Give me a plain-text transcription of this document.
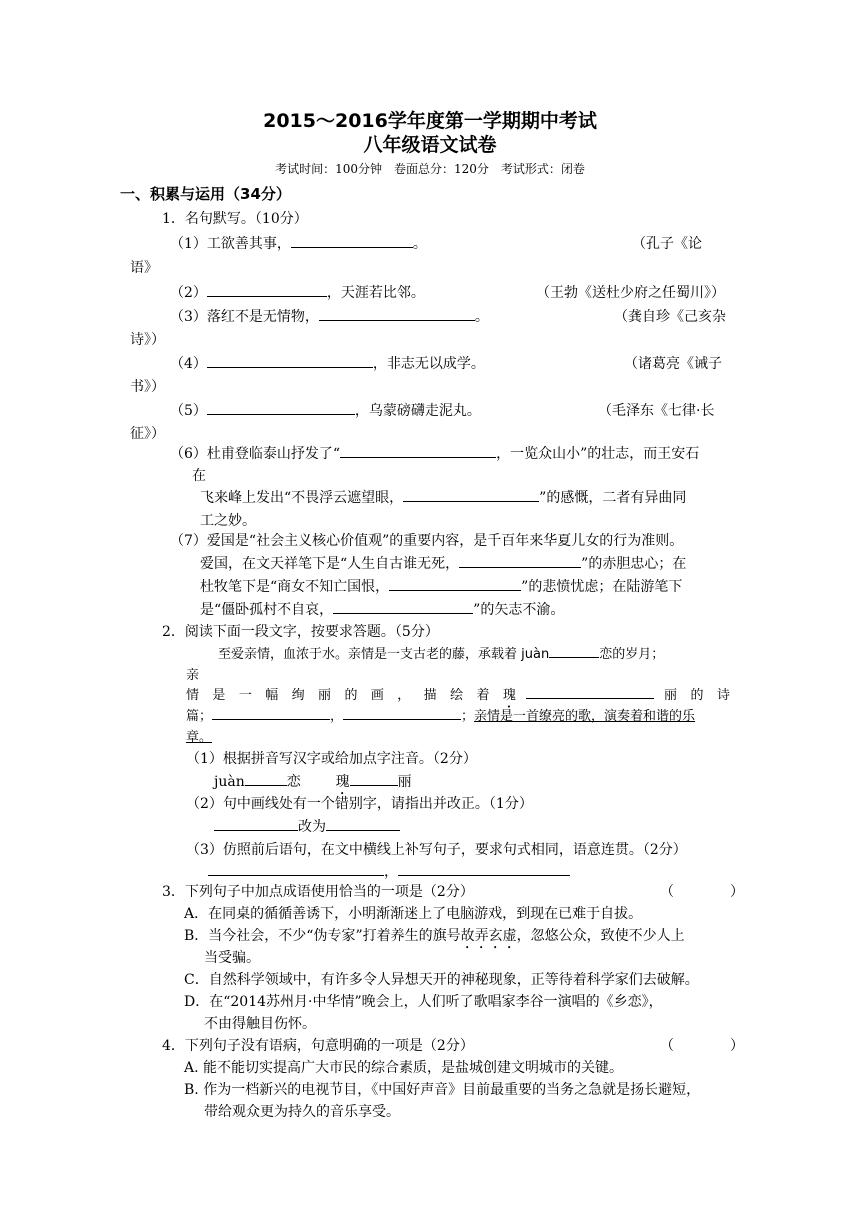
2015～2016学年度第一学期期中考试
八年级语文试卷
考试时间：100分钟　卷面总分：120分　考试形式：闭卷
一、积累与运用（34分）
1．名句默写。（10分）
（1）工欲善其事，	。	（孔子《论
语》
（2）	，天涯若比邻。	（王勃《送杜少府之任蜀川》）
（3）落红不是无情物，	。	（龚自珍《己亥杂
诗》）
（4）	，非志无以成学。	（诸葛亮《诫子
书》）
（5）	，乌蒙磅礴走泥丸。	（毛泽东《七律·长
征》）
（6）杜甫登临泰山抒发了“	，一览众山小”的壮志，而王安石
在
飞来峰上发出“不畏浮云遮望眼，	”的感慨，二者有异曲同
工之妙。
（7）爱国是“社会主义核心价值观”的重要内容，是千百年来华夏儿女的行为准则。
爱国，在文天祥笔下是“人生自古谁无死，	”的赤胆忠心；在
杜牧笔下是“商女不知亡国恨，	”的悲愤忧虑；在陆游笔下
是“僵卧孤村不自哀，	”的矢志不渝。
2．阅读下面一段文字，按要求答题。（5分）
至爱亲情，血浓于水。亲情是一支古老的藤，承载着 juàn	恋的岁月；
亲
情 是 一 幅 绚 丽 的 画 ， 描 绘 着 瑰	丽 的 诗
篇；	，	；亲情是一首缭亮的歌，演奏着和谐的乐
章。
（1）根据拼音写汉字或给加点字注音。（2分）
juàn	恋 瑰	丽
（2）句中画线处有一个错别字，请指出并改正。（1分）
改为
（3）仿照前后语句，在文中横线上补写句子，要求句式相同，语意连贯。（2分）
，
3．下列句子中加点成语使用恰当的一项是（2分）	（　　　　）
A．在同桌的循循善诱下，小明渐渐迷上了电脑游戏，到现在已难于自拔。
B．当今社会，不少“伪专家”打着养生的旗号故弄玄虚，忽悠公众，致使不少人上
当受骗。
C．自然科学领域中，有许多令人异想天开的神秘现象，正等待着科学家们去破解。
D．在“2014苏州月·中华情”晚会上，人们听了歌唱家李谷一演唱的《乡恋》，
不由得触目伤怀。
4．下列句子没有语病，句意明确的一项是（2分）	（　　　　）
A. 能不能切实提高广大市民的综合素质，是盐城创建文明城市的关键。
B. 作为一档新兴的电视节目，《中国好声音》目前最重要的当务之急就是扬长避短，
带给观众更为持久的音乐享受。
